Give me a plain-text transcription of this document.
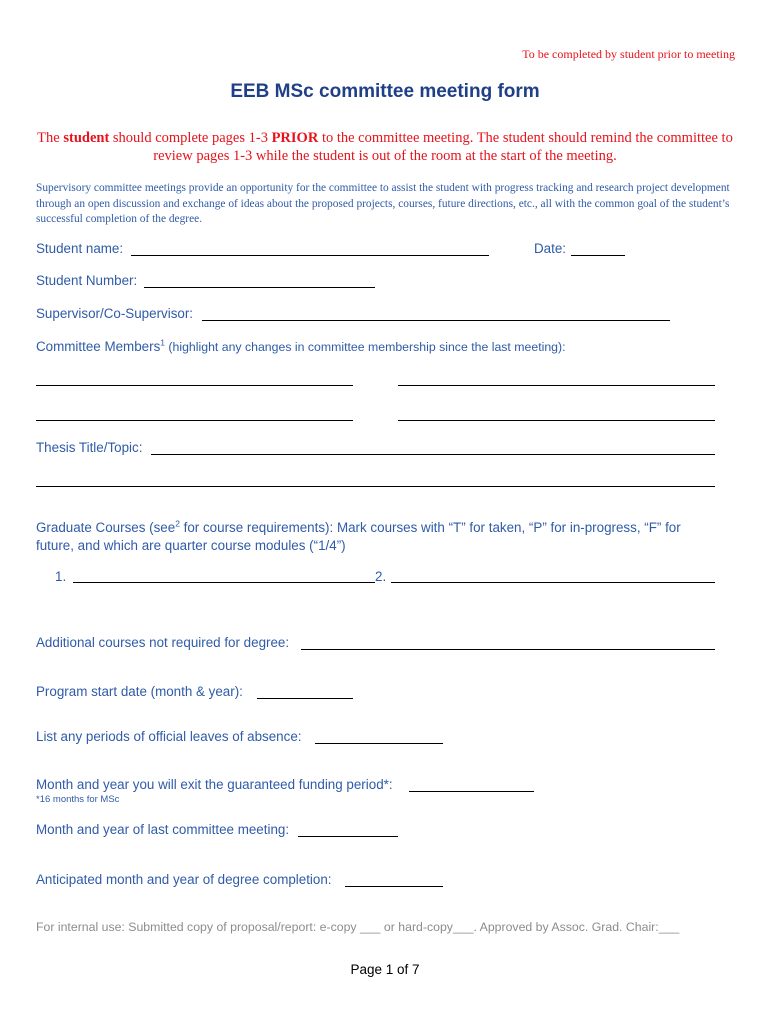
To be completed by student prior to meeting
EEB MSc committee meeting form
The student should complete pages 1-3 PRIOR to the committee meeting. The student should remind the committee to review pages 1-3 while the student is out of the room at the start of the meeting.
Supervisory committee meetings provide an opportunity for the committee to assist the student with progress tracking and research project development through an open discussion and exchange of ideas about the proposed projects, courses, future directions, etc., all with the common goal of the student’s successful completion of the degree.
Student name:	Date:
Student Number:
Supervisor/Co-Supervisor:
Committee Members$^1$ (highlight any changes in committee membership since the last meeting):
Thesis Title/Topic:
Graduate Courses (see$^2$ for course requirements): Mark courses with “T” for taken, “P” for in-progress, “F” for
future, and which are quarter course modules (“1/4”)
1.	2.
Additional courses not required for degree:
Program start date (month & year):
List any periods of official leaves of absence:
Month and year you will exit the guaranteed funding period*:
*16 months for MSc
Month and year of last committee meeting:
Anticipated month and year of degree completion:
For internal use: Submitted copy of proposal/report: e-copy ___ or hard-copy___. Approved by Assoc. Grad. Chair:___
Page 1 of 7
